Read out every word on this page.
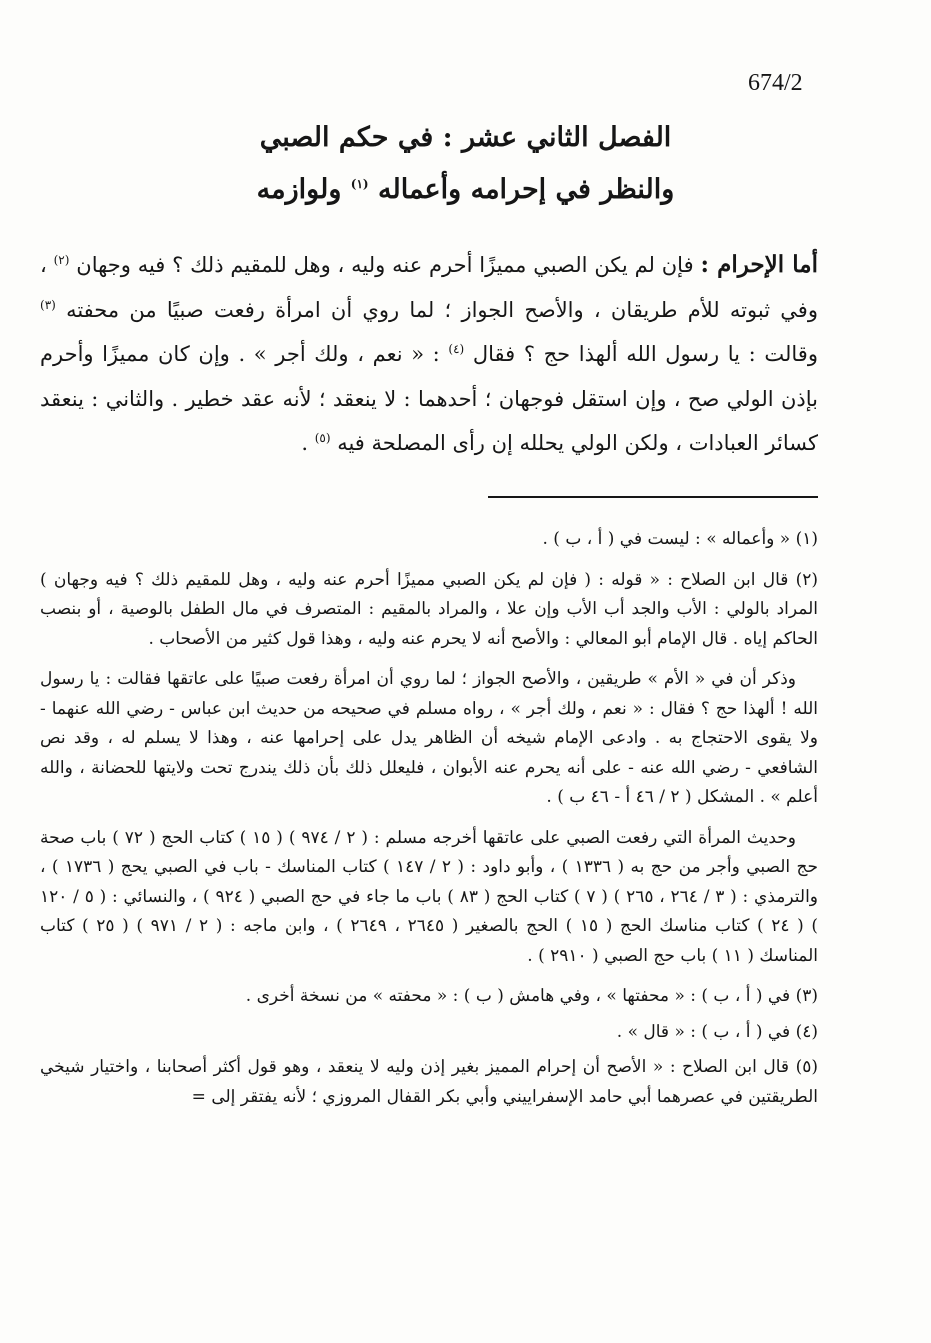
674/2
الفصل الثاني عشر : في حكم الصبي
والنظر في إحرامه وأعماله $^{(١)}$ ولوازمه
أما الإحرام : فإن لم يكن الصبي مميزًا أحرم عنه وليه ، وهل للمقيم ذلك ؟ فيه وجهان $^{(٢)}$ ، وفي ثبوته للأم طريقان ، والأصح الجواز ؛ لما روي أن امرأة رفعت صبيًا من محفته $^{(٣)}$ وقالت : يا رسول الله ألهذا حج ؟ فقال $^{(٤)}$ : « نعم ، ولك أجر » . وإن كان مميزًا وأحرم بإذن الولي صح ، وإن استقل فوجهان ؛ أحدهما : لا ينعقد ؛ لأنه عقد خطير . والثاني : ينعقد كسائر العبادات ، ولكن الولي يحلله إن رأى المصلحة فيه $^{(٥)}$ .

(١) « وأعماله » : ليست في ( أ ، ب ) .

(٢) قال ابن الصلاح : « قوله : ( فإن لم يكن الصبي مميزًا أحرم عنه وليه ، وهل للمقيم ذلك ؟ فيه وجهان ) المراد بالولي : الأب والجد أب الأب وإن علا ، والمراد بالمقيم : المتصرف في مال الطفل بالوصية ، أو بنصب الحاكم إياه . قال الإمام أبو المعالي : والأصح أنه لا يحرم عنه وليه ، وهذا قول كثير من الأصحاب .

وذكر أن في « الأم » طريقين ، والأصح الجواز ؛ لما روي أن امرأة رفعت صبيًا على عاتقها فقالت : يا رسول الله ! ألهذا حج ؟ فقال : « نعم ، ولك أجر » ، رواه مسلم في صحيحه من حديث ابن عباس - رضي الله عنهما - ولا يقوى الاحتجاج به . وادعى الإمام شيخه أن الظاهر يدل على إحرامها عنه ، وهذا لا يسلم له ، وقد نص الشافعي - رضي الله عنه - على أنه يحرم عنه الأبوان ، فليعلل ذلك بأن ذلك يندرج تحت ولايتها للحضانة ، والله أعلم » . المشكل ( ٢ / ٤٦ أ - ٤٦ ب ) .

وحديث المرأة التي رفعت الصبي على عاتقها أخرجه مسلم : ( ٢ / ٩٧٤ ) ( ١٥ ) كتاب الحج ( ٧٢ ) باب صحة حج الصبي وأجر من حج به ( ١٣٣٦ ) ، وأبو داود : ( ٢ / ١٤٧ ) كتاب المناسك - باب في الصبي يحج ( ١٧٣٦ ) ، والترمذي : ( ٣ / ٢٦٤ ، ٢٦٥ ) ( ٧ ) كتاب الحج ( ٨٣ ) باب ما جاء في حج الصبي ( ٩٢٤ ) ، والنسائي : ( ٥ / ١٢٠ ) ( ٢٤ ) كتاب مناسك الحج ( ١٥ ) الحج بالصغير ( ٢٦٤٥ ، ٢٦٤٩ ) ، وابن ماجه : ( ٢ / ٩٧١ ) ( ٢٥ ) كتاب المناسك ( ١١ ) باب حج الصبي ( ٢٩١٠ ) .

(٣) في ( أ ، ب ) : « محفتها » ، وفي هامش ( ب ) : « محفته » من نسخة أخرى .

(٤) في ( أ ، ب ) : « قال » .

(٥) قال ابن الصلاح : « الأصح أن إحرام المميز بغير إذن وليه لا ينعقد ، وهو قول أكثر أصحابنا ، واختيار شيخي الطريقتين في عصرهما أبي حامد الإسفراييني وأبي بكر القفال المروزي ؛ لأنه يفتقر إلى =
